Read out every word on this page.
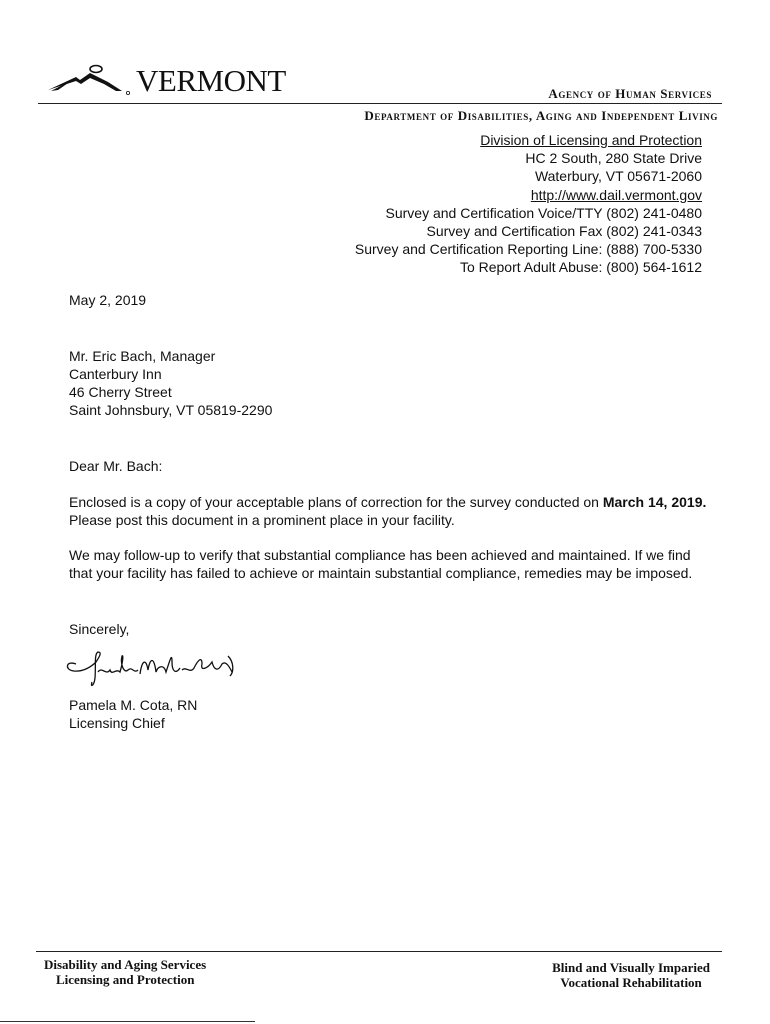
VERMONT	Agency of Human Services
Department of Disabilities, Aging and Independent Living
Division of Licensing and Protection
HC 2 South, 280 State Drive
Waterbury, VT 05671-2060
http://www.dail.vermont.gov
Survey and Certification Voice/TTY (802) 241-0480
Survey and Certification Fax (802) 241-0343
Survey and Certification Reporting Line: (888) 700-5330
To Report Adult Abuse: (800) 564-1612
May 2, 2019
Mr. Eric Bach, Manager
Canterbury Inn
46 Cherry Street
Saint Johnsbury, VT 05819-2290
Dear Mr. Bach:
Enclosed is a copy of your acceptable plans of correction for the survey conducted on March 14, 2019. Please post this document in a prominent place in your facility.
We may follow-up to verify that substantial compliance has been achieved and maintained. If we find that your facility has failed to achieve or maintain substantial compliance, remedies may be imposed.
Sincerely,
Pamela M. Cota, RN
Licensing Chief
Disability and Aging Services
Licensing and Protection
Blind and Visually Imparied
Vocational Rehabilitation
